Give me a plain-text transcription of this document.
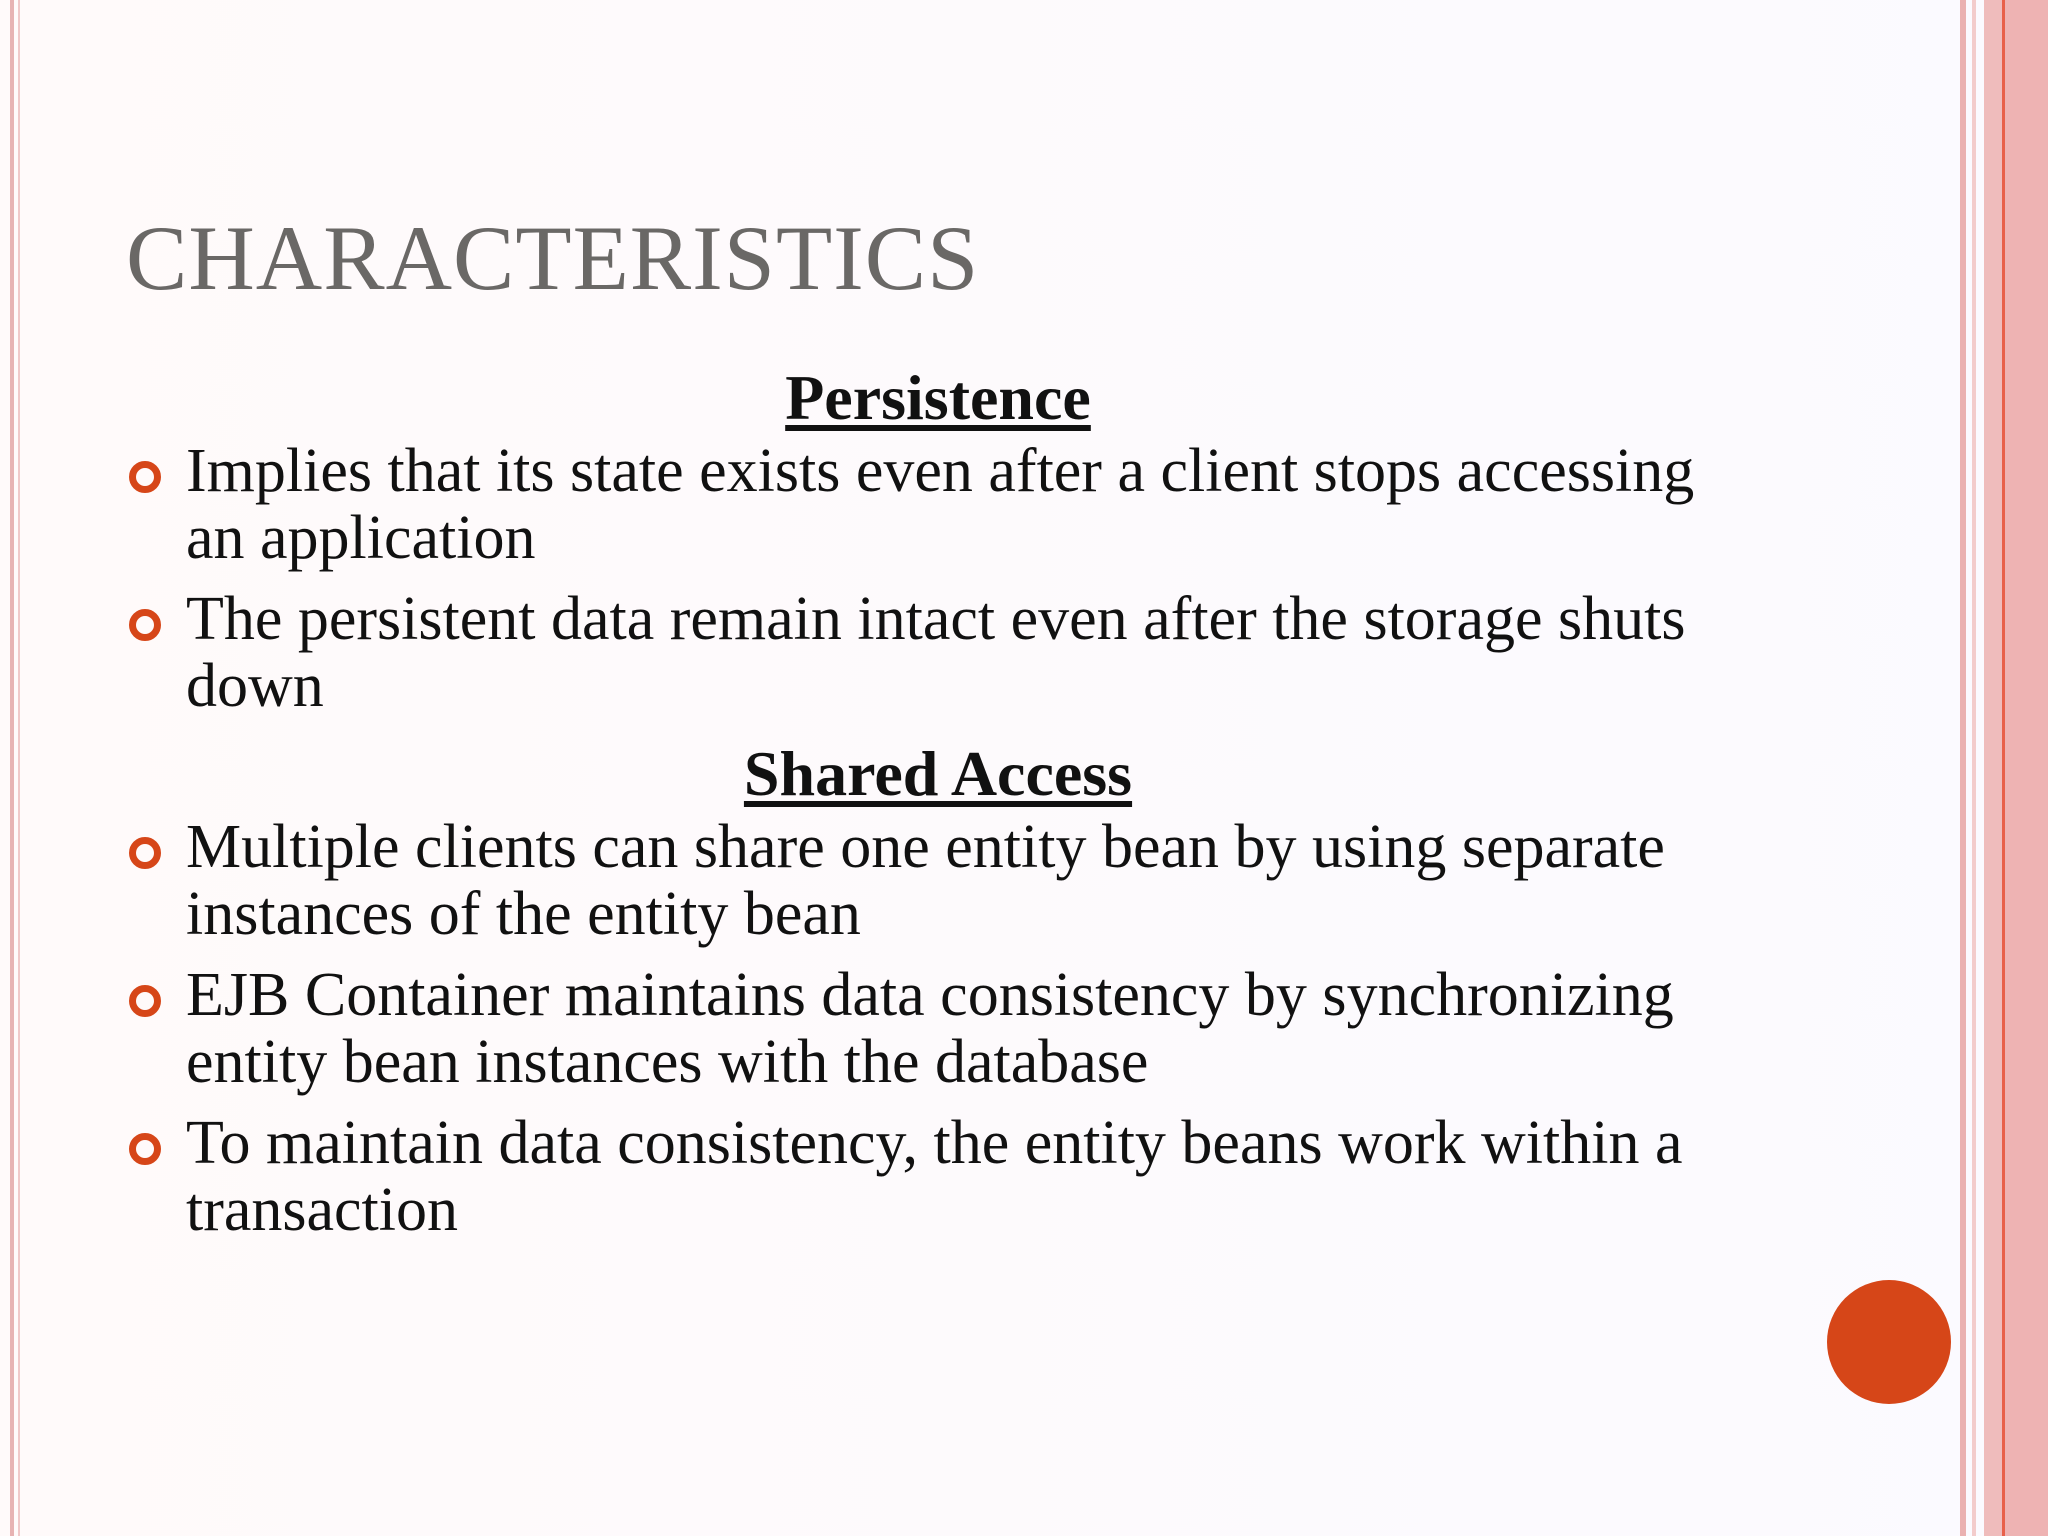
CHARACTERISTICS
Persistence
Implies that its state exists even after a client stops accessing an application
The persistent data remain intact even after the storage shuts down
Shared Access
Multiple clients can share one entity bean by using separate instances of the entity bean
EJB Container maintains data consistency by synchronizing entity bean instances with the database
To maintain data consistency, the entity beans work within a transaction
